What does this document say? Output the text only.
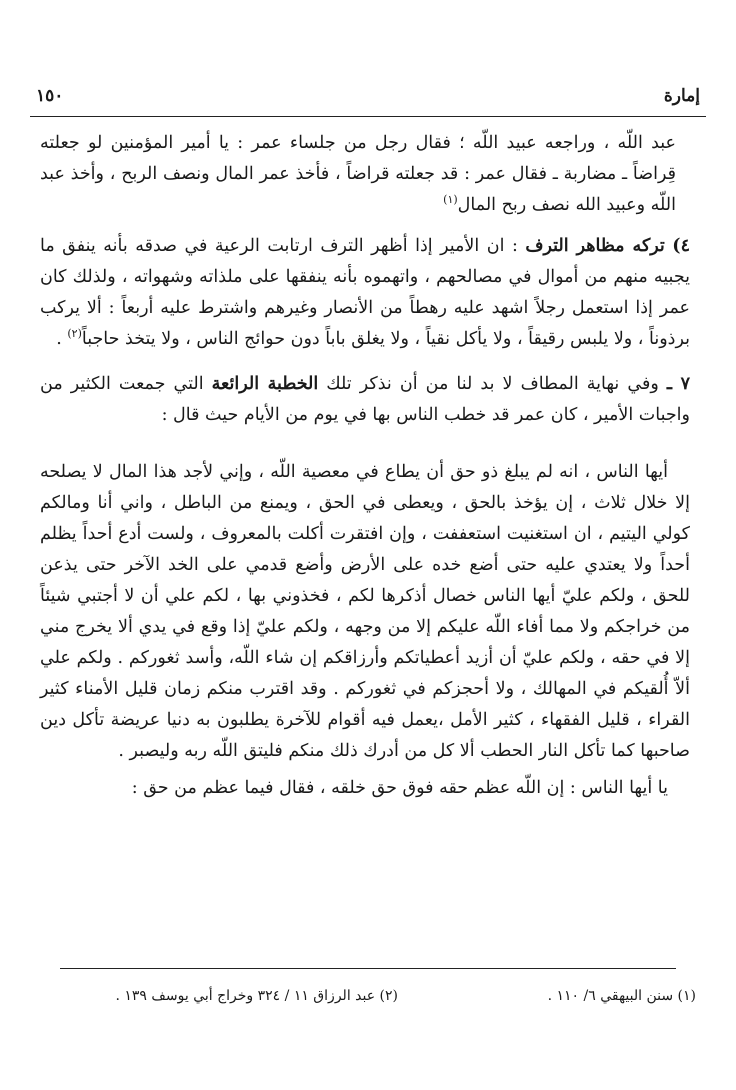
إمارة
١٥٠

عبد اللّه ، وراجعه عبيد اللّه ؛ فقال رجل من جلساء عمر : يا أمير المؤمنين لو جعلته قِراضاً ـ مضاربة ـ فقال عمر : قد جعلته قراضاً ، فأخذ عمر المال ونصف الربح ، وأخذ عبد اللّه وعبيد الله نصف ربح المال$^{(١)}$

٤) تركه مظاهر الترف : ان الأمير إذا أظهر الترف ارتابت الرعية في صدقه بأنه ينفق ما يجبيه منهم من أموال في مصالحهم ، واتهموه بأنه ينفقها على ملذاته وشهواته ، ولذلك كان عمر إذا استعمل رجلاً اشهد عليه رهطاً من الأنصار وغيرهم واشترط عليه أربعاً : ألا يركب برذوناً ، ولا يلبس رقيقاً ، ولا يأكل نقياً ، ولا يغلق باباً دون حوائج الناس ، ولا يتخذ حاجباً$^{(٢)}$ .

٧ ـ وفي نهاية المطاف لا بد لنا من أن نذكر تلك الخطبة الرائعة التي جمعت الكثير من واجبات الأمير ، كان عمر قد خطب الناس بها في يوم من الأيام حيث قال :

أيها الناس ، انه لم يبلغ ذو حق أن يطاع في معصية اللّه ، وإني لأجد هذا المال لا يصلحه إلا خلال ثلاث ، إن يؤخذ بالحق ، ويعطى في الحق ، ويمنع من الباطل ، واني أنا ومالكم كولي اليتيم ، ان استغنيت استعففت ، وإن افتقرت أكلت بالمعروف ، ولست أدع أحداً يظلم أحداً ولا يعتدي عليه حتى أضع خده على الأرض وأضع قدمي على الخد الآخر حتى يذعن للحق ، ولكم عليّ أيها الناس خصال أذكرها لكم ، فخذوني بها ، لكم علي أن لا أجتبي شيئاً من خراجكم ولا مما أفاء اللّه عليكم إلا من وجهه ، ولكم عليّ إذا وقع في يدي ألا يخرج مني إلا في حقه ، ولكم عليّ أن أزيد أعطياتكم وأرزاقكم إن شاء اللّه، وأسد ثغوركم . ولكم علي ألاّ أُلقيكم في المهالك ، ولا أحجزكم في ثغوركم . وقد اقترب منكم زمان قليل الأمناء كثير القراء ، قليل الفقهاء ، كثير الأمل ،يعمل فيه أقوام للآخرة يطلبون به دنيا عريضة تأكل دين صاحبها كما تأكل النار الحطب ألا كل من أدرك ذلك منكم فليتق اللّه ربه وليصبر .

يا أيها الناس : إن اللّه عظم حقه فوق حق خلقه ، فقال فيما عظم من حق :

(١) سنن البيهقي ٦/ ١١٠ .
(٢) عبد الرزاق ١١ / ٣٢٤ وخراج أبي يوسف ١٣٩ .
